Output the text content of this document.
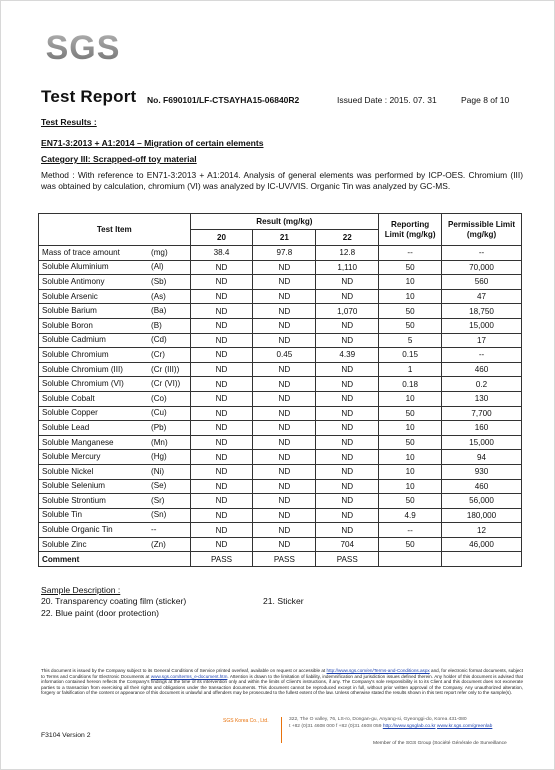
SGS
Test Report No. F690101/LF-CTSAYHA15-06840R2	Issued Date : 2015. 07. 31	Page 8 of 10
Test Results :
EN71-3:2013 + A1:2014 – Migration of certain elements
Category III: Scrapped-off toy material
Method : With reference to EN71-3:2013 + A1:2014. Analysis of general elements was performed by ICP-OES. Chromium (III) was obtained by calculation, chromium (VI) was analyzed by IC-UV/VIS. Organic Tin was analyzed by GC-MS.
Test Item	Result (mg/kg)			Reporting Limit (mg/kg)	Permissible Limit (mg/kg)
	20	21	22		

Mass of trace amount (mg)	38.4	97.8	12.8	--	--

Soluble Aluminium (Al)	ND	ND	1,110	50	70,000

Soluble Antimony (Sb)	ND	ND	ND	10	560

Soluble Arsenic (As)	ND	ND	ND	10	47

Soluble Barium (Ba)	ND	ND	1,070	50	18,750

Soluble Boron (B)	ND	ND	ND	50	15,000

Soluble Cadmium (Cd)	ND	ND	ND	5	17

Soluble Chromium (Cr)	ND	0.45	4.39	0.15	--

Soluble Chromium (III) (Cr (III))	ND	ND	ND	1	460

Soluble Chromium (VI) (Cr (VI))	ND	ND	ND	0.18	0.2

Soluble Cobalt (Co)	ND	ND	ND	10	130

Soluble Copper (Cu)	ND	ND	ND	50	7,700

Soluble Lead (Pb)	ND	ND	ND	10	160

Soluble Manganese (Mn)	ND	ND	ND	50	15,000

Soluble Mercury (Hg)	ND	ND	ND	10	94

Soluble Nickel (Ni)	ND	ND	ND	10	930

Soluble Selenium (Se)	ND	ND	ND	10	460

Soluble Strontium (Sr)	ND	ND	ND	50	56,000

Soluble Tin (Sn)	ND	ND	ND	4.9	180,000

Soluble Organic Tin --	ND	ND	ND	--	12

Soluble Zinc (Zn)	ND	ND	704	50	46,000
Comment	PASS	PASS	PASS		
Sample Description :
20. Transparency coating film (sticker)	21. Sticker
22. Blue paint (door protection)
This document is issued by the Company subject to its General Conditions of Service printed overleaf, available on request or accessible at http://www.sgs.com/en/Terms-and-Conditions.aspx and, for electronic format documents, subject to Terms and Conditions for Electronic Documents at www.sgs.com/terms_e-document.htm. Attention is drawn to the limitation of liability, indemnification and jurisdiction issues defined therein. Any holder of this document is advised that information contained hereon reflects the Company's findings at the time of its intervention only and within the limits of Client's instructions, if any. The Company's sole responsibility is to its Client and this document does not exonerate parties to a transaction from exercising all their rights and obligations under the transaction documents. This document cannot be reproduced except in full, without prior written approval of the Company. Any unauthorized alteration, forgery or falsification of the content or appearance of this document is unlawful and offenders may be prosecuted to the fullest extent of the law. Unless otherwise stated the results shown in this test report refer only to the sample(s).
SGS Korea Co., Ltd.	322, The O valley, 76, LS-ro, Dongan-gu, Anyang-si, Gyeonggi-do, Korea 431-080
t +82 (0)31 4608 000 f +82 (0)31 4608 059 http://www.sgsglab.co.kr www.kr.sgs.com/greenlab
F3104 Version 2
Member of the SGS Group (Société Générale de Surveillance
